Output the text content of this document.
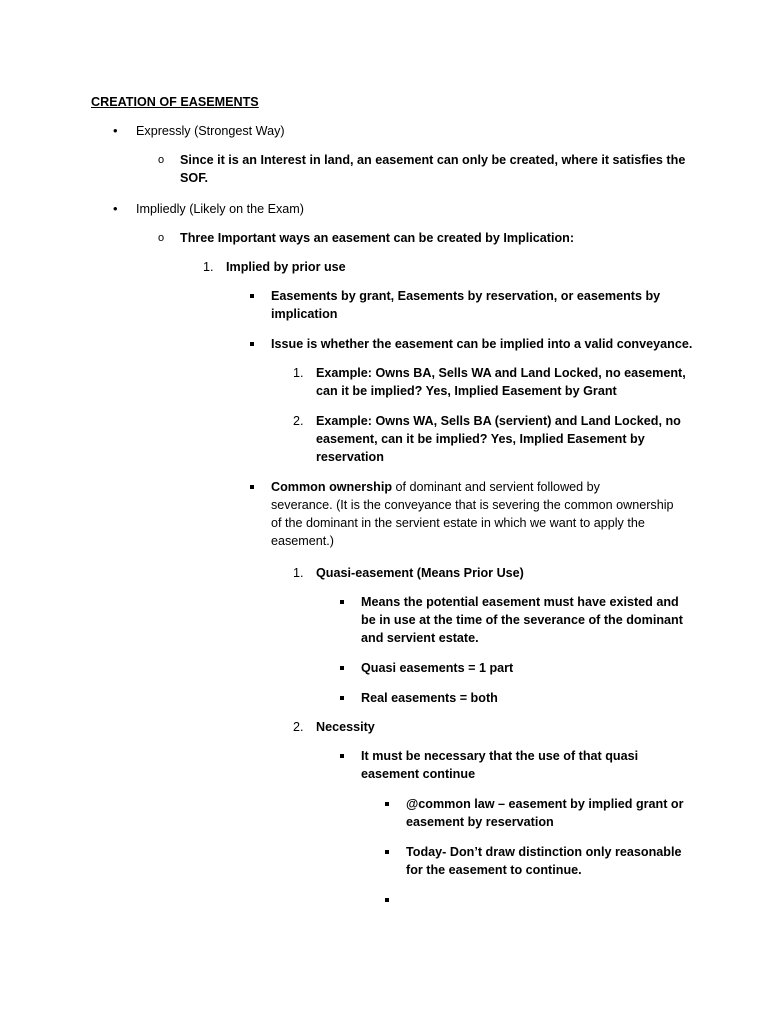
CREATION OF EASEMENTS
• Expressly (Strongest Way)
o Since it is an Interest in land, an easement can only be created, where it satisfies the
SOF.
• Impliedly (Likely on the Exam)
o Three Important ways an easement can be created by Implication:
1. Implied by prior use
Easements by grant, Easements by reservation, or easements by
implication
Issue is whether the easement can be implied into a valid conveyance.
1. Example: Owns BA, Sells WA and Land Locked, no easement,
can it be implied? Yes, Implied Easement by Grant
2. Example: Owns WA, Sells BA (servient) and Land Locked, no
easement, can it be implied? Yes, Implied Easement by
reservation
Common ownership of dominant and servient followed by
severance. (It is the conveyance that is severing the common ownership
of the dominant in the servient estate in which we want to apply the
easement.)
1. Quasi-easement (Means Prior Use)
Means the potential easement must have existed and
be in use at the time of the severance of the dominant
and servient estate.
Quasi easements = 1 part
Real easements = both
2. Necessity
It must be necessary that the use of that quasi
easement continue
@common law – easement by implied grant or
easement by reservation
Today- Don’t draw distinction only reasonable
for the easement to continue.
